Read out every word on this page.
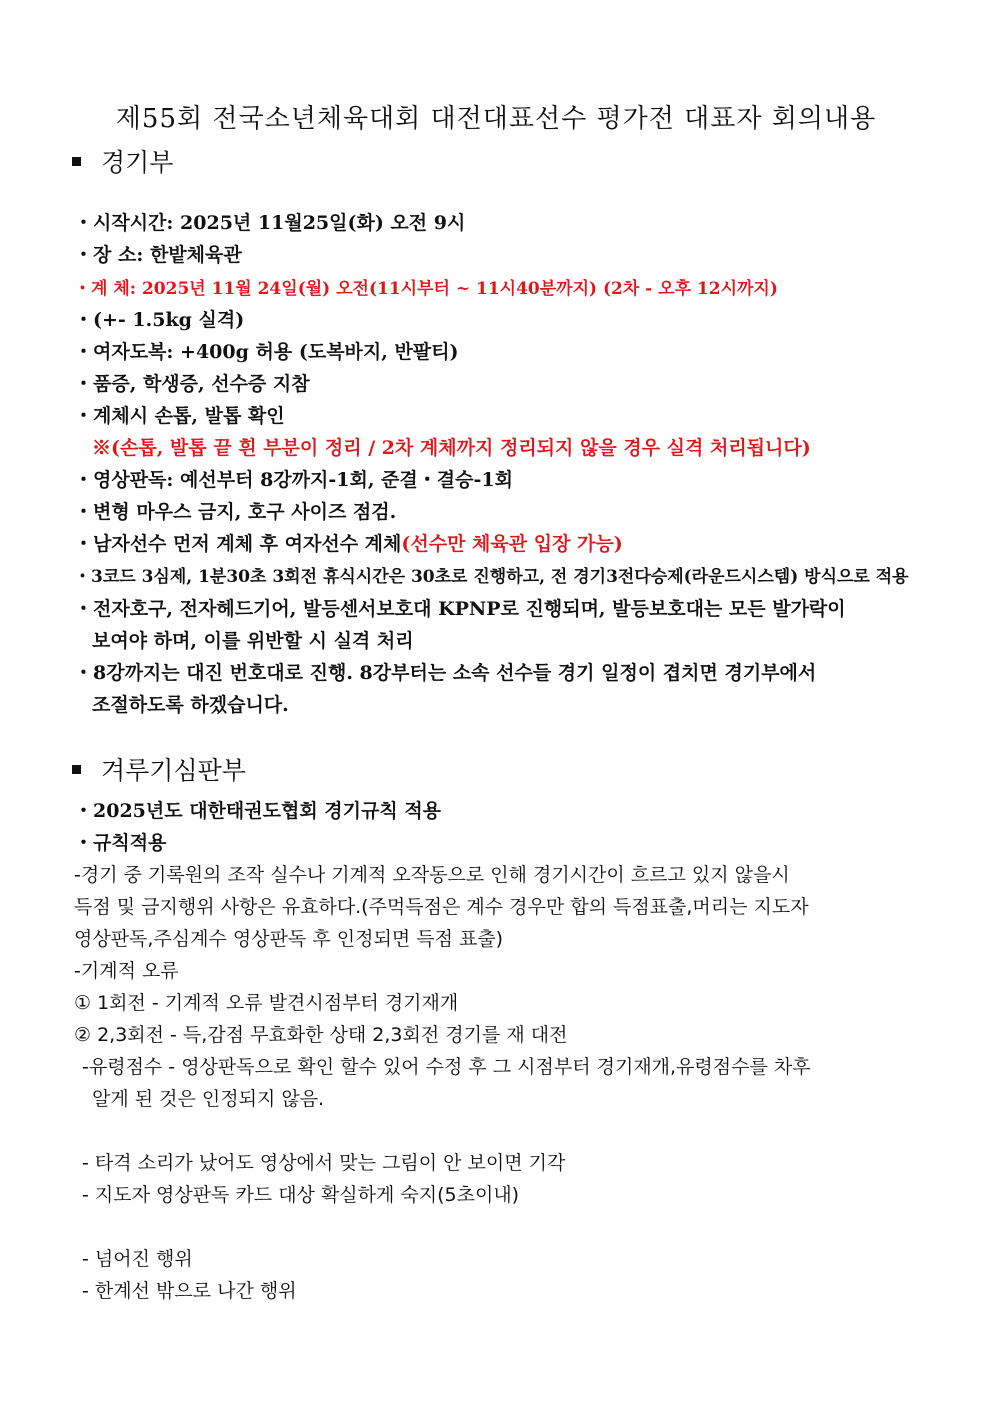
제55회 전국소년체육대회 대전대표선수 평가전 대표자 회의내용
경기부
・시작시간: 2025년 11월25일(화) 오전 9시
・장 소: 한밭체육관
・계 체: 2025년 11월 24일(월) 오전(11시부터 ~ 11시40분까지) (2차 - 오후 12시까지)
・(+- 1.5kg 실격)
・여자도복: +400g 허용 (도복바지, 반팔티)
・품증, 학생증, 선수증 지참
・계체시 손톱, 발톱 확인
※(손톱, 발톱 끝 흰 부분이 정리 / 2차 계체까지 정리되지 않을 경우 실격 처리됩니다)
・영상판독: 예선부터 8강까지-1회, 준결・결승-1회
・변형 마우스 금지, 호구 사이즈 점검.
・남자선수 먼저 계체 후 여자선수 계체(선수만 체육관 입장 가능)
・3코드 3심제, 1분30초 3회전 휴식시간은 30초로 진행하고, 전 경기3전다승제(라운드시스템) 방식으로 적용
・전자호구, 전자헤드기어, 발등센서보호대 KPNP로 진행되며, 발등보호대는 모든 발가락이
보여야 하며, 이를 위반할 시 실격 처리
・8강까지는 대진 번호대로 진행. 8강부터는 소속 선수들 경기 일정이 겹치면 경기부에서
조절하도록 하겠습니다.
겨루기심판부
・2025년도 대한태권도협회 경기규칙 적용
・규칙적용
-경기 중 기록원의 조작 실수나 기계적 오작동으로 인해 경기시간이 흐르고 있지 않을시
득점 및 금지행위 사항은 유효하다.(주먹득점은 계수 경우만 합의 득점표출,머리는 지도자
영상판독,주심계수 영상판독 후 인정되면 득점 표출)
-기계적 오류
① 1회전 - 기계적 오류 발견시점부터 경기재개
② 2,3회전 - 득,감점 무효화한 상태 2,3회전 경기를 재 대전
-유령점수 - 영상판독으로 확인 할수 있어 수정 후 그 시점부터 경기재개,유령점수를 차후
알게 된 것은 인정되지 않음.
- 타격 소리가 났어도 영상에서 맞는 그림이 안 보이면 기각
- 지도자 영상판독 카드 대상 확실하게 숙지(5초이내)
- 넘어진 행위
- 한계선 밖으로 나간 행위
